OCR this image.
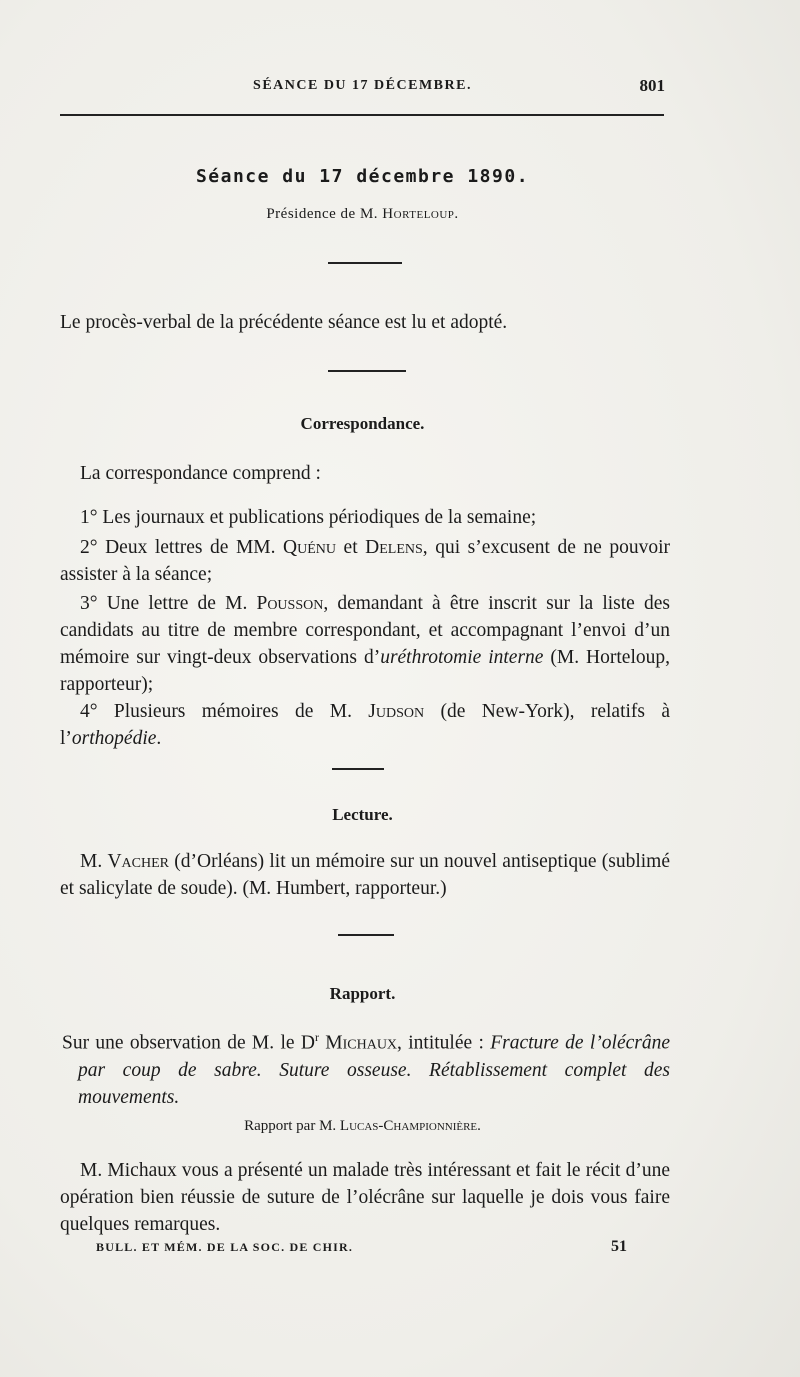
SÉANCE DU 17 DÉCEMBRE.	801
Séance du 17 décembre 1890.
Présidence de M. Horteloup.
Le procès-verbal de la précédente séance est lu et adopté.
Correspondance.
La correspondance comprend :
1° Les journaux et publications périodiques de la semaine;
2° Deux lettres de MM. Quénu et Delens, qui s’excusent de ne pouvoir assister à la séance;
3° Une lettre de M. Pousson, demandant à être inscrit sur la liste des candidats au titre de membre correspondant, et accompagnant l’envoi d’un mémoire sur vingt-deux observations d’uréthrotomie interne (M. Horteloup, rapporteur);
4° Plusieurs mémoires de M. Judson (de New-York), relatifs à l’orthopédie.
Lecture.
M. Vacher (d’Orléans) lit un mémoire sur un nouvel antiseptique (sublimé et salicylate de soude). (M. Humbert, rapporteur.)
Rapport.
Sur une observation de M. le $D^r$ Michaux, intitulée : Fracture de l’olécrâne par coup de sabre. Suture osseuse. Rétablissement complet des mouvements.
Rapport par M. Lucas-Championnière.
M. Michaux vous a présenté un malade très intéressant et fait le récit d’une opération bien réussie de suture de l’olécrâne sur laquelle je dois vous faire quelques remarques.
BULL. ET MÉM. DE LA SOC. DE CHIR.	51
